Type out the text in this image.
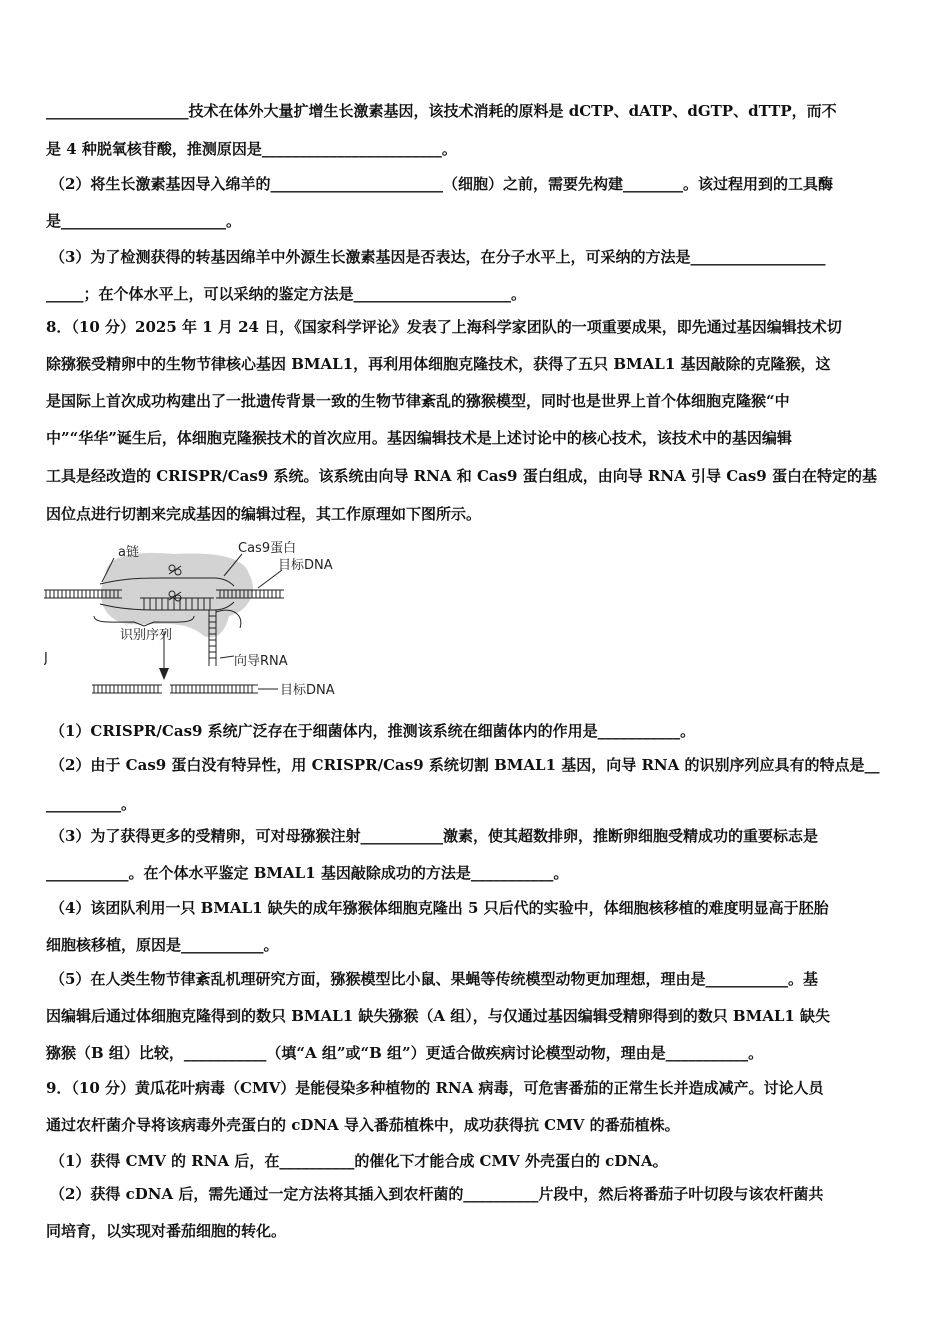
___________________技术在体外大量扩增生长激素基因，该技术消耗的原料是 dCTP、dATP、dGTP、dTTP，而不
是 4 种脱氧核苷酸，推测原因是________________________。
（2）将生长激素基因导入绵羊的_______________________（细胞）之前，需要先构建________。该过程用到的工具酶
是______________________。
（3）为了检测获得的转基因绵羊中外源生长激素基因是否表达，在分子水平上，可采纳的方法是__________________
_____；在个体水平上，可以采纳的鉴定方法是_____________________。
8．（10 分）2025 年 1 月 24 日，《国家科学评论》发表了上海科学家团队的一项重要成果，即先通过基因编辑技术切
除猕猴受精卵中的生物节律核心基因 BMAL1，再利用体细胞克隆技术，获得了五只 BMAL1 基因敲除的克隆猴，这
是国际上首次成功构建出了一批遗传背景一致的生物节律紊乱的猕猴模型，同时也是世界上首个体细胞克隆猴“中
中”“华华”诞生后，体细胞克隆猴技术的首次应用。基因编辑技术是上述讨论中的核心技术，该技术中的基因编辑
工具是经改造的 CRISPR/Cas9 系统。该系统由向导 RNA 和 Cas9 蛋白组成，由向导 RNA 引导 Cas9 蛋白在特定的基
因位点进行切割来完成基因的编辑过程，其工作原理如下图所示。
a链	Cas9蛋白
目标DNA
识别序列
向导RNA
目标DNA
J
（1）CRISPR/Cas9 系统广泛存在于细菌体内，推测该系统在细菌体内的作用是___________。
（2）由于 Cas9 蛋白没有特异性，用 CRISPR/Cas9 系统切割 BMAL1 基因，向导 RNA 的识别序列应具有的特点是__
__________。
（3）为了获得更多的受精卵，可对母猕猴注射___________激素，使其超数排卵，推断卵细胞受精成功的重要标志是
___________。在个体水平鉴定 BMAL1 基因敲除成功的方法是___________。
（4）该团队利用一只 BMAL1 缺失的成年猕猴体细胞克隆出 5 只后代的实验中，体细胞核移植的难度明显高于胚胎
细胞核移植，原因是___________。
（5）在人类生物节律紊乱机理研究方面，猕猴模型比小鼠、果蝇等传统模型动物更加理想，理由是___________。基
因编辑后通过体细胞克隆得到的数只 BMAL1 缺失猕猴（A 组），与仅通过基因编辑受精卵得到的数只 BMAL1 缺失
猕猴（B 组）比较，___________（填“A 组”或“B 组”）更适合做疾病讨论模型动物，理由是___________。
9．（10 分）黄瓜花叶病毒（CMV）是能侵染多种植物的 RNA 病毒，可危害番茄的正常生长并造成减产。讨论人员
通过农杆菌介导将该病毒外壳蛋白的 cDNA 导入番茄植株中，成功获得抗 CMV 的番茄植株。
（1）获得 CMV 的 RNA 后，在__________的催化下才能合成 CMV 外壳蛋白的 cDNA。
（2）获得 cDNA 后，需先通过一定方法将其插入到农杆菌的__________片段中，然后将番茄子叶切段与该农杆菌共
同培育，以实现对番茄细胞的转化。
